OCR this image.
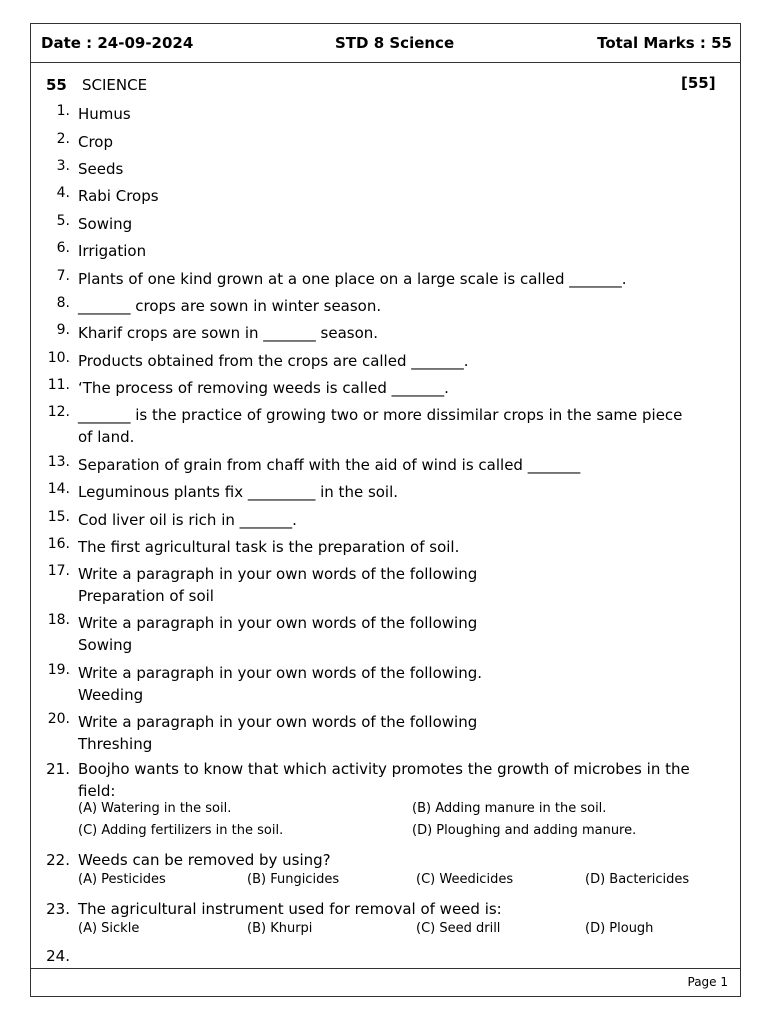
Date : 24-09-2024	STD 8 Science	Total Marks : 55
55 SCIENCE	[55]
1. Humus
2. Crop
3. Seeds
4. Rabi Crops
5. Sowing
6. Irrigation
7. Plants of one kind grown at a one place on a large scale is called _______.
8. _______ crops are sown in winter season.
9. Kharif crops are sown in _______ season.
10. Products obtained from the crops are called _______.
11. ‘The process of removing weeds is called _______.
12. _______ is the practice of growing two or more dissimilar crops in the same piece of land.
13. Separation of grain from chaff with the aid of wind is called _______
14. Leguminous plants fix _________ in the soil.
15. Cod liver oil is rich in _______.
16. The first agricultural task is the preparation of soil.
17. Write a paragraph in your own words of the following
Preparation of soil
18. Write a paragraph in your own words of the following
Sowing
19. Write a paragraph in your own words of the following.
Weeding
20. Write a paragraph in your own words of the following
Threshing
21. Boojho wants to know that which activity promotes the growth of microbes in the field:
(A) Watering in the soil.	(B) Adding manure in the soil.
(C) Adding fertilizers in the soil.	(D) Ploughing and adding manure.
22. Weeds can be removed by using?
(A) Pesticides	(B) Fungicides	(C) Weedicides	(D) Bactericides
23. The agricultural instrument used for removal of weed is:
(A) Sickle	(B) Khurpi	(C) Seed drill	(D) Plough
24.
Page 1
